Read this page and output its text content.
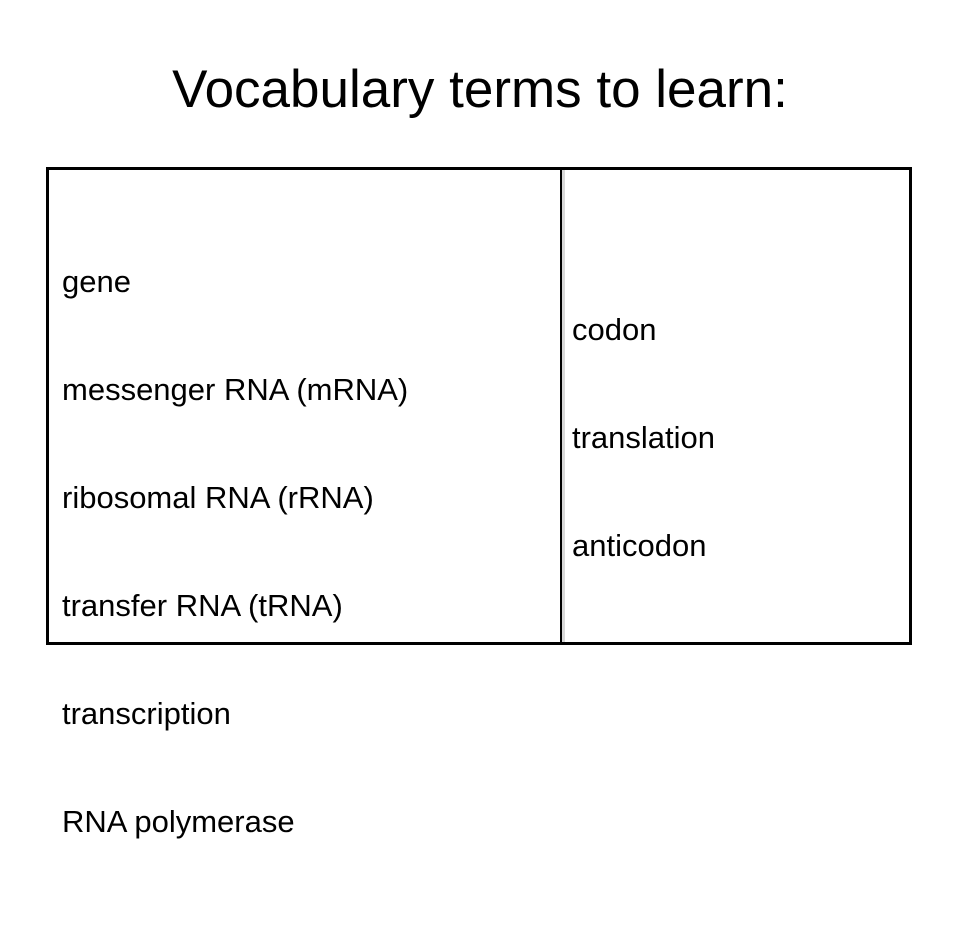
Vocabulary terms to learn:

gene

messenger RNA (mRNA)

ribosomal RNA (rRNA)

transfer RNA (tRNA)

transcription

RNA polymerase

codon

translation

anticodon
